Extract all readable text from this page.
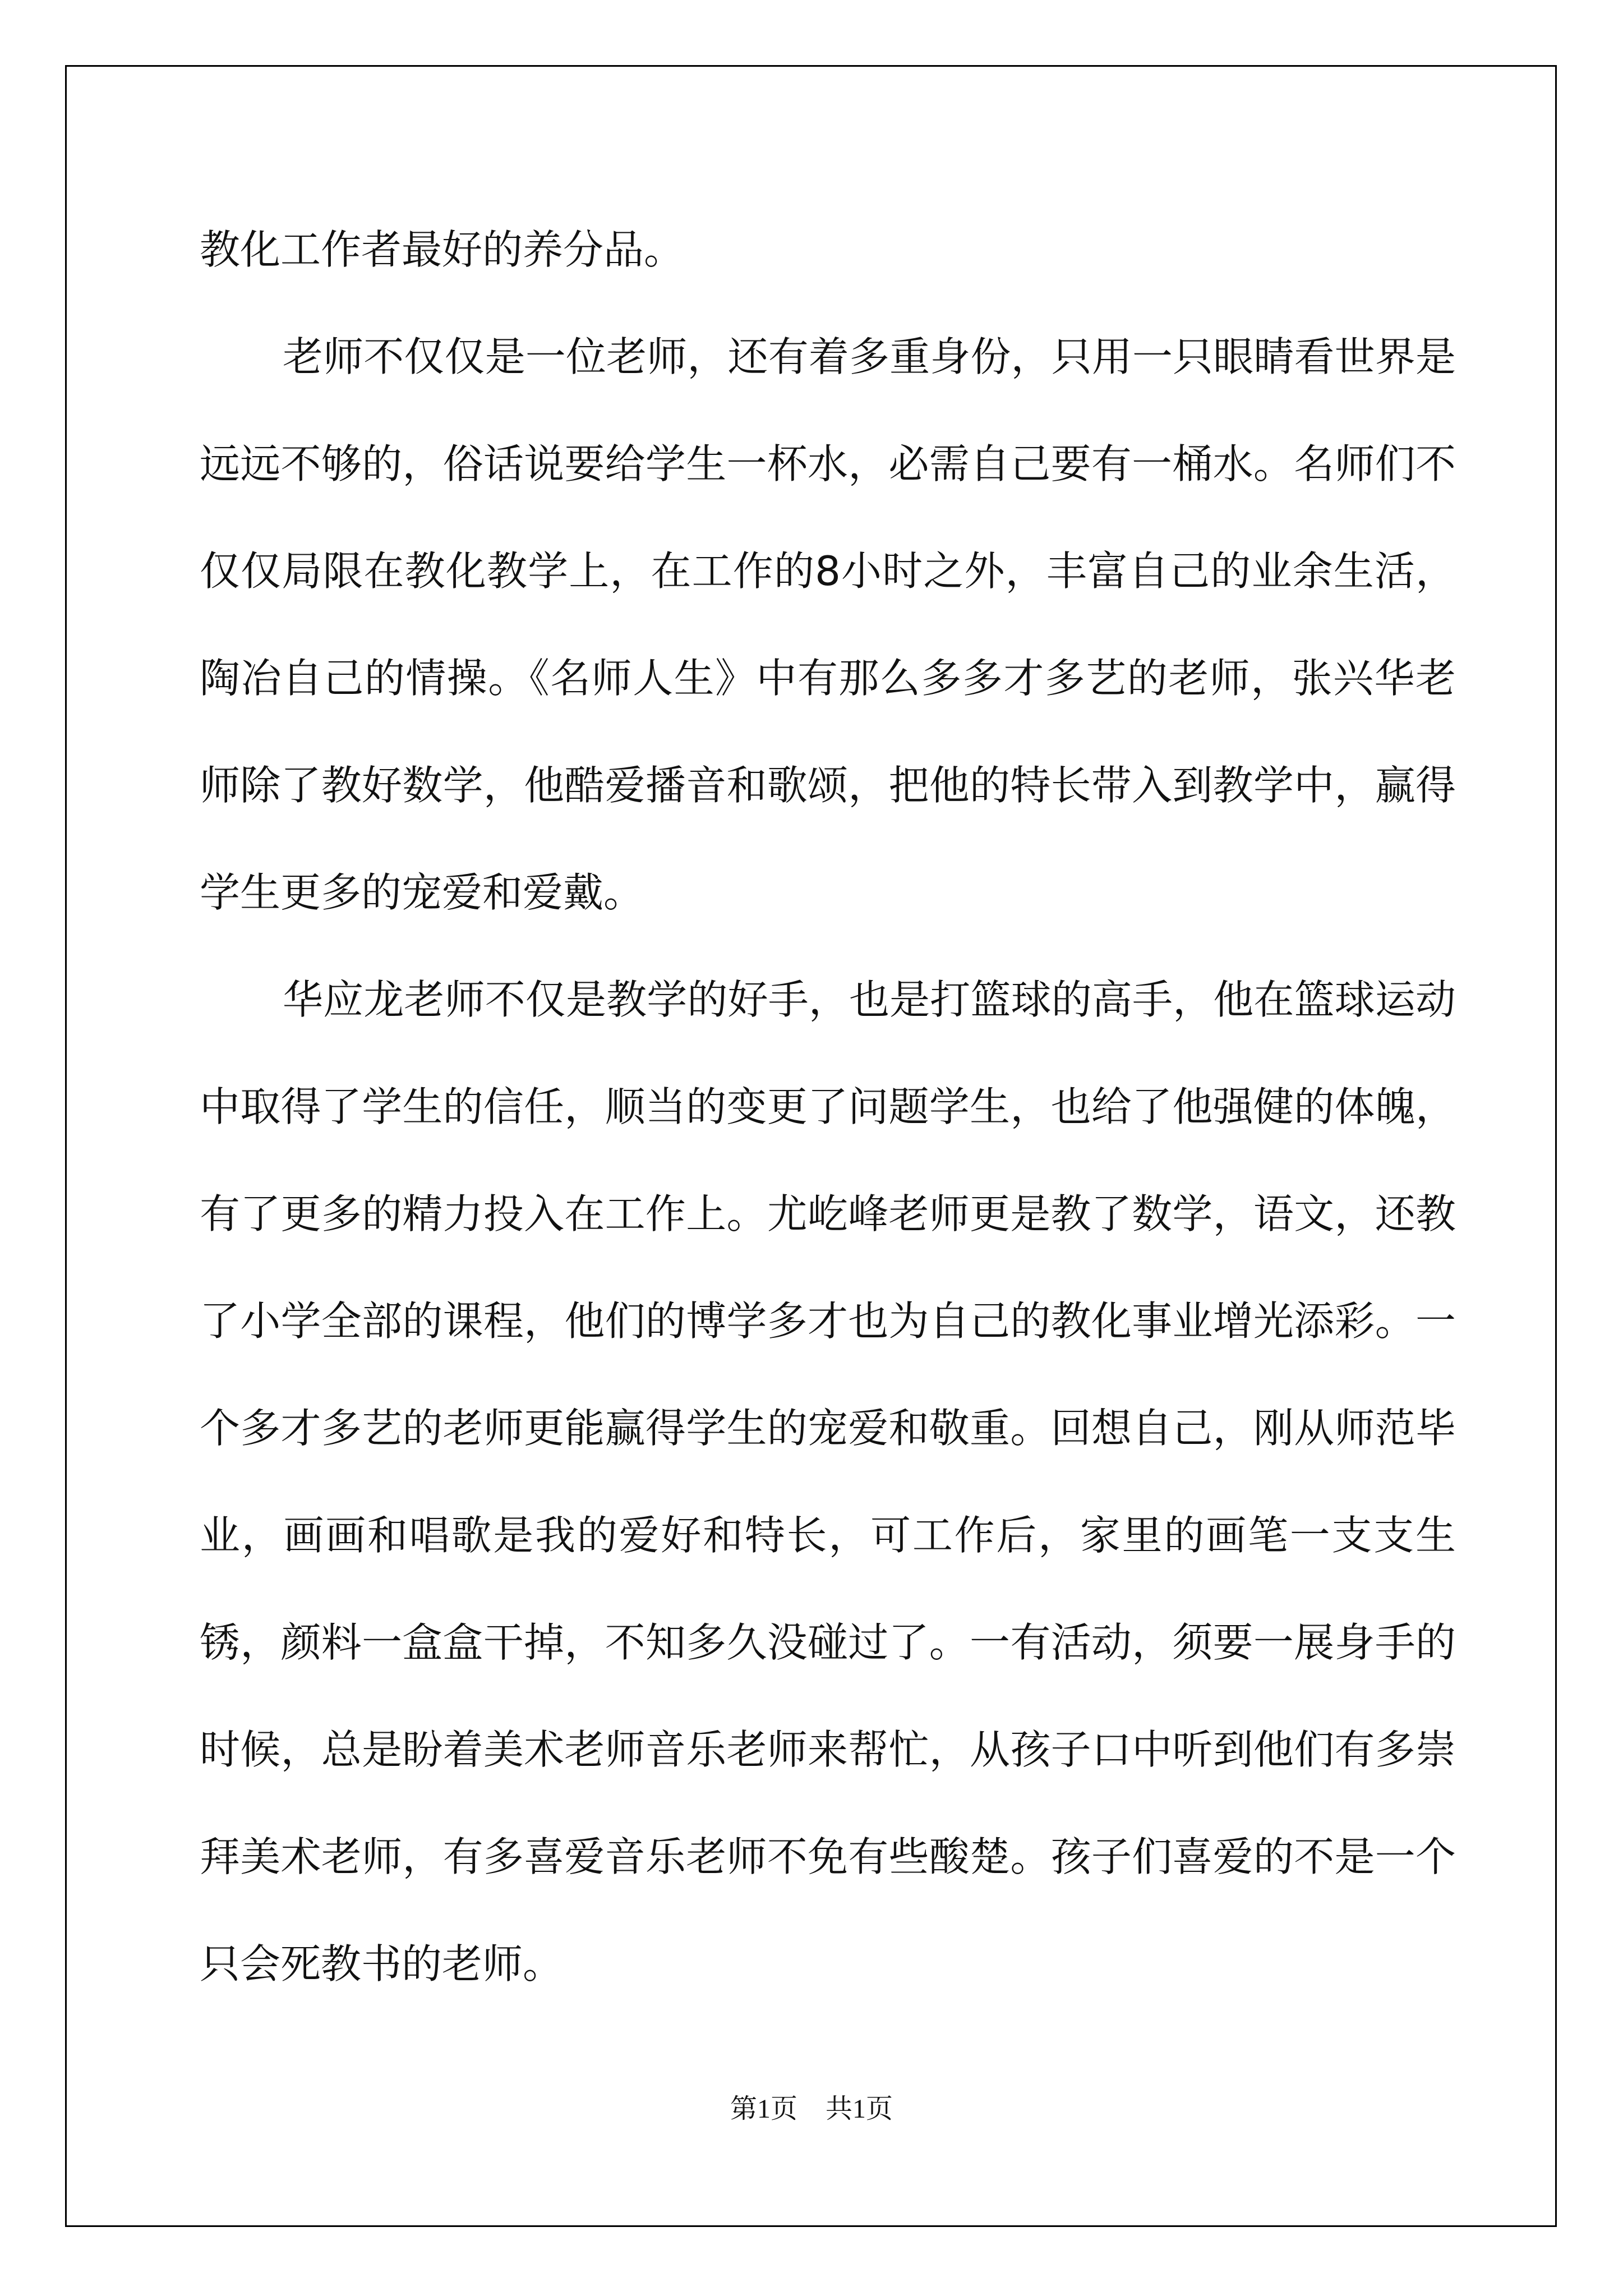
教化工作者最好的养分品。

老师不仅仅是一位老师，还有着多重身份，只用一只眼睛看世界是远远不够的，俗话说要给学生一杯水，必需自己要有一桶水。名师们不仅仅局限在教化教学上，在工作的8小时之外，丰富自己的业余生活，陶冶自己的情操。《名师人生》中有那么多多才多艺的老师，张兴华老师除了教好数学，他酷爱播音和歌颂，把他的特长带入到教学中，赢得学生更多的宠爱和爱戴。

华应龙老师不仅是教学的好手，也是打篮球的高手，他在篮球运动中取得了学生的信任，顺当的变更了问题学生，也给了他强健的体魄，有了更多的精力投入在工作上。尤屹峰老师更是教了数学，语文，还教了小学全部的课程，他们的博学多才也为自己的教化事业增光添彩。一个多才多艺的老师更能赢得学生的宠爱和敬重。回想自己，刚从师范毕业，画画和唱歌是我的爱好和特长，可工作后，家里的画笔一支支生锈，颜料一盒盒干掉，不知多久没碰过了。一有活动，须要一展身手的时候，总是盼着美术老师音乐老师来帮忙，从孩子口中听到他们有多崇拜美术老师，有多喜爱音乐老师不免有些酸楚。孩子们喜爱的不是一个只会死教书的老师。

第1页 共1页
